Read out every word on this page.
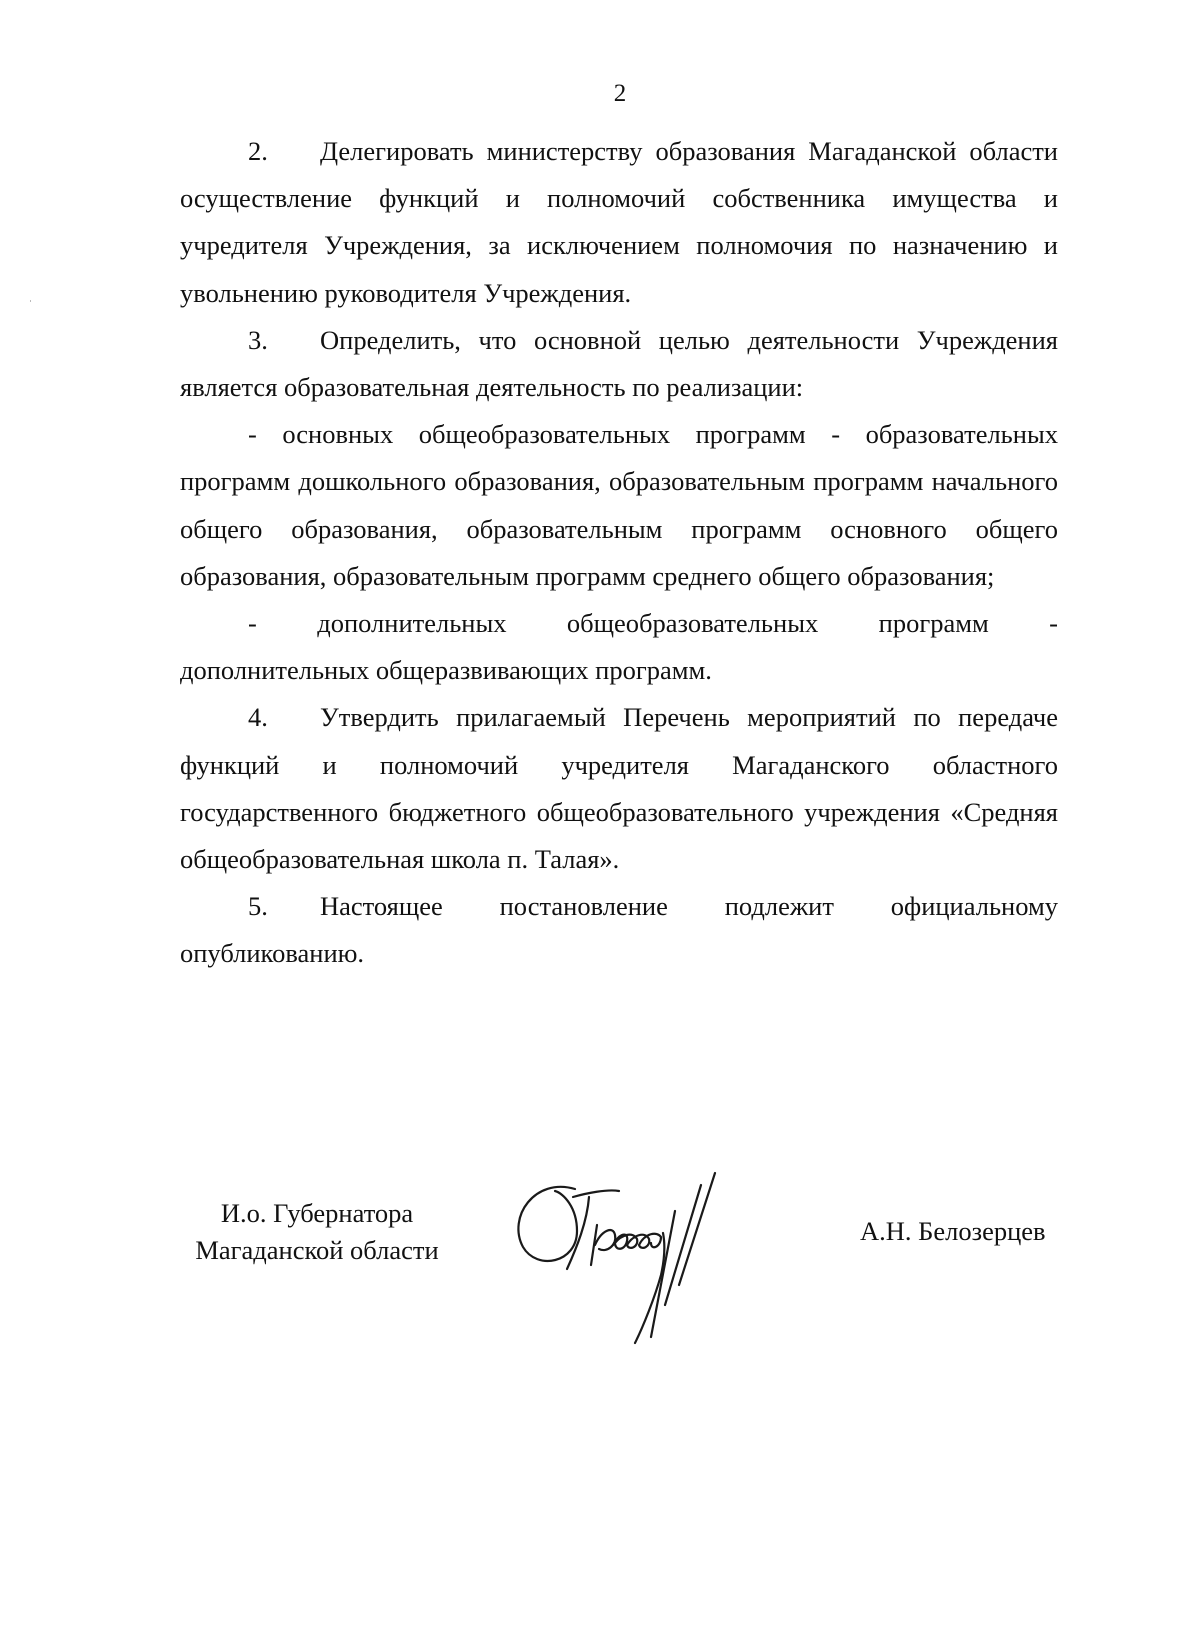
2

2. Делегировать министерству образования Магаданской области осуществление функций и полномочий собственника имущества и учредителя Учреждения, за исключением полномочия по назначению и увольнению руководителя Учреждения.

3. Определить, что основной целью деятельности Учреждения является образовательная деятельность по реализации:

- основных общеобразовательных программ - образовательных программ дошкольного образования, образовательным программ начального общего образования, образовательным программ основного общего образования, образовательным программ среднего общего образования;

- дополнительных общеобразовательных программ -

дополнительных общеразвивающих программ.

4. Утвердить прилагаемый Перечень мероприятий по передаче функций и полномочий учредителя Магаданского областного государственного бюджетного общеобразовательного учреждения «Средняя общеобразовательная школа п. Талая».

5. Настоящее постановление подлежит официальному опубликованию.

И.о. Губернатора
Магаданской области
А.Н. Белозерцев
